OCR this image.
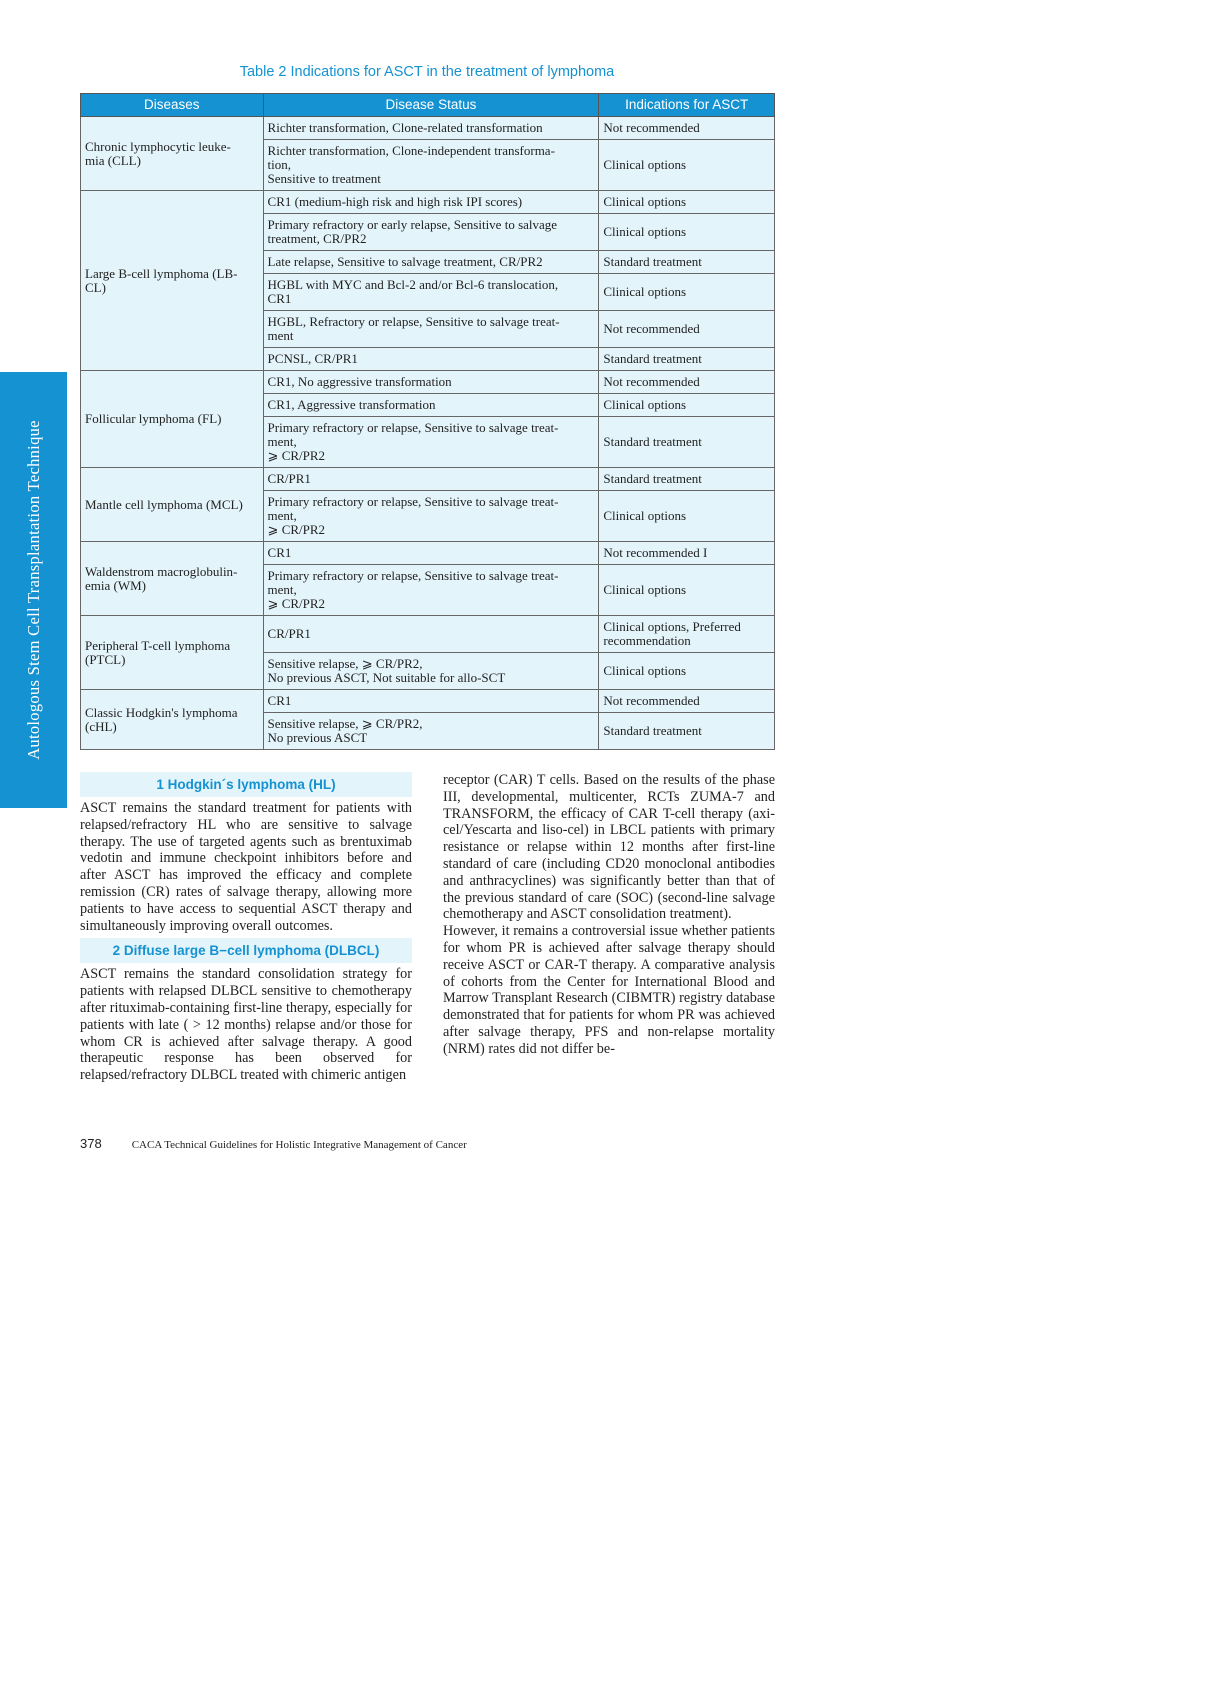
Autologous Stem Cell Transplantation Technique
Table 2 Indications for ASCT in the treatment of lymphoma
Diseases	Disease Status	Indications for ASCT

Chronic lymphocytic leuke-
mia (CLL)	Richter transformation, Clone-related transformation	Not recommended

	Richter transformation, Clone-independent transforma-
tion,
Sensitive to treatment	Clinical options

Large B-cell lymphoma (LB-
CL)	CR1 (medium-high risk and high risk IPI scores)	Clinical options

	Primary refractory or early relapse, Sensitive to salvage
treatment, CR/PR2	Clinical options

	Late relapse, Sensitive to salvage treatment, CR/PR2	Standard treatment

	HGBL with MYC and Bcl-2 and/or Bcl-6 translocation,
CR1	Clinical options

	HGBL, Refractory or relapse, Sensitive to salvage treat-
ment	Not recommended

	PCNSL, CR/PR1	Standard treatment

Follicular lymphoma (FL)	CR1, No aggressive transformation	Not recommended

	CR1, Aggressive transformation	Clinical options

	Primary refractory or relapse, Sensitive to salvage treat-
ment,
⩾ CR/PR2	Standard treatment

Mantle cell lymphoma (MCL)	CR/PR1	Standard treatment

	Primary refractory or relapse, Sensitive to salvage treat-
ment,
⩾ CR/PR2	Clinical options

Waldenstrom macroglobulin-
emia (WM)	CR1	Not recommended I

	Primary refractory or relapse, Sensitive to salvage treat-
ment,
⩾ CR/PR2	Clinical options

Peripheral T-cell lymphoma
(PTCL)	CR/PR1	Clinical options, Preferred
recommendation

	Sensitive relapse, ⩾ CR/PR2,
No previous ASCT, Not suitable for allo-SCT	Clinical options

Classic Hodgkin's lymphoma
(cHL)	CR1	Not recommended

	Sensitive relapse, ⩾ CR/PR2,
No previous ASCT	Standard treatment
1 Hodgkin´s lymphoma (HL)

ASCT remains the standard treatment for patients with relapsed/refractory HL who are sensitive to salvage therapy. The use of targeted agents such as brentuximab vedotin and immune checkpoint inhibitors before and after ASCT has improved the efficacy and complete remission (CR) rates of salvage therapy, allowing more patients to have access to sequential ASCT therapy and simultaneously improving overall outcomes.

2 Diffuse large B−cell lymphoma (DLBCL)

ASCT remains the standard consolidation strategy for patients with relapsed DLBCL sensitive to chemotherapy after rituximab-containing first-line therapy, especially for patients with late ( > 12 months) relapse and/or those for whom CR is achieved after salvage therapy. A good therapeutic response has been observed for relapsed/refractory DLBCL treated with chimeric antigen

receptor (CAR) T cells. Based on the results of the phase III, developmental, multicenter, RCTs ZUMA-7 and TRANSFORM, the efficacy of CAR T-cell therapy (axi-cel/Yescarta and liso-cel) in LBCL patients with primary resistance or relapse within 12 months after first-line standard of care (including CD20 monoclonal antibodies and anthracyclines) was significantly better than that of the previous standard of care (SOC) (second-line salvage chemotherapy and ASCT consolidation treatment).

However, it remains a controversial issue whether patients for whom PR is achieved after salvage therapy should receive ASCT or CAR-T therapy. A comparative analysis of cohorts from the Center for International Blood and Marrow Transplant Research (CIBMTR) registry database demonstrated that for patients for whom PR was achieved after salvage therapy, PFS and non-relapse mortality (NRM) rates did not differ be-

378	CACA Technical Guidelines for Holistic Integrative Management of Cancer
